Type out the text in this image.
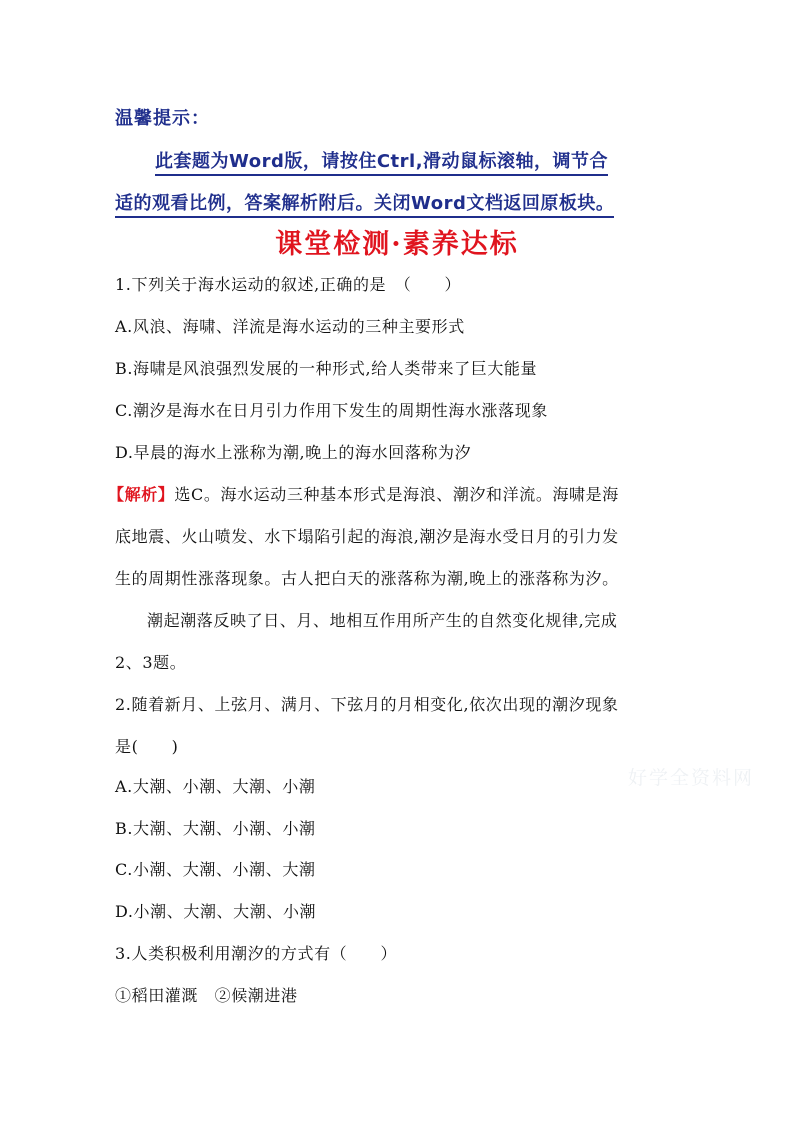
温馨提示：
此套题为Word版，请按住Ctrl,滑动鼠标滚轴，调节合
适的观看比例，答案解析附后。关闭Word文档返回原板块。
课堂检测·素养达标
1.下列关于海水运动的叙述,正确的是　（　　）
A.风浪、海啸、洋流是海水运动的三种主要形式
B.海啸是风浪强烈发展的一种形式,给人类带来了巨大能量
C.潮汐是海水在日月引力作用下发生的周期性海水涨落现象
D.早晨的海水上涨称为潮,晚上的海水回落称为汐
【解析】选C。海水运动三种基本形式是海浪、潮汐和洋流。海啸是海
底地震、火山喷发、水下塌陷引起的海浪,潮汐是海水受日月的引力发
生的周期性涨落现象。古人把白天的涨落称为潮,晚上的涨落称为汐。
潮起潮落反映了日、月、地相互作用所产生的自然变化规律,完成
2、3题。
2.随着新月、上弦月、满月、下弦月的月相变化,依次出现的潮汐现象
是(　　)
A.大潮、小潮、大潮、小潮
B.大潮、大潮、小潮、小潮
C.小潮、大潮、小潮、大潮
D.小潮、大潮、大潮、小潮
3.人类积极利用潮汐的方式有（　　）
①稻田灌溉　②候潮进港
好学全资料网
